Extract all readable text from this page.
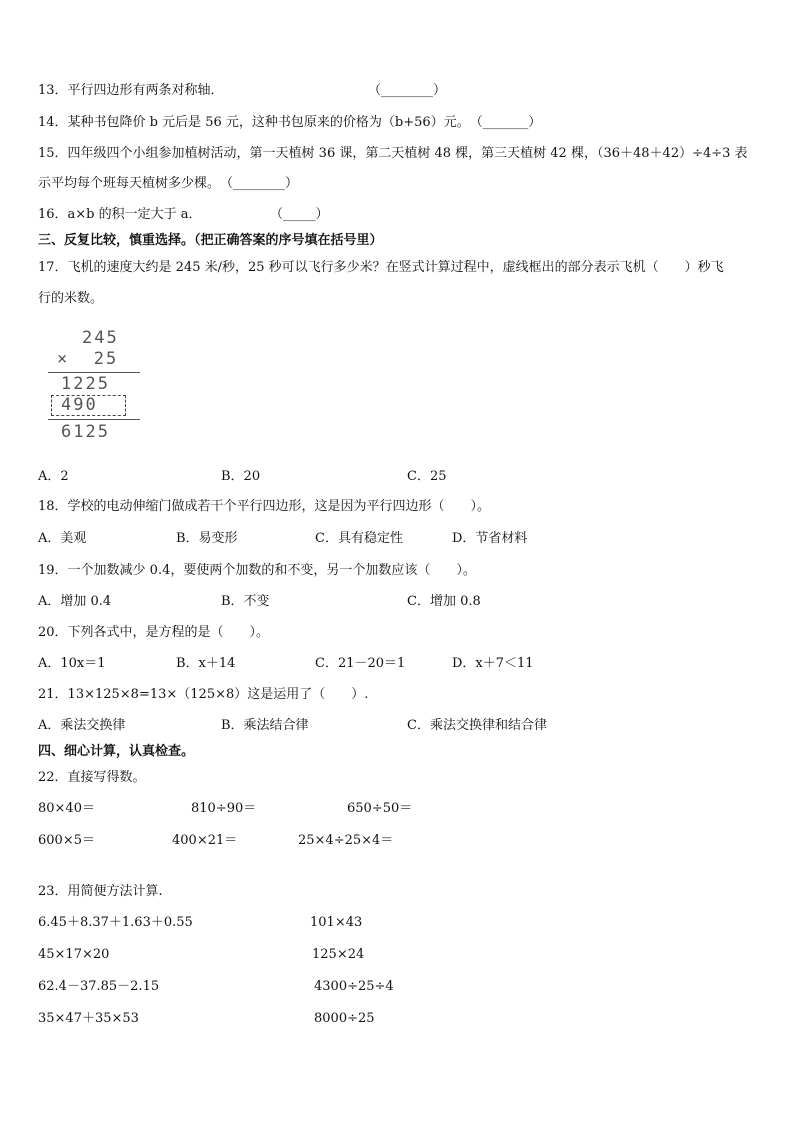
13．平行四边形有两条对称轴．	（________）
14．某种书包降价 b 元后是 56 元，这种书包原来的价格为（b+56）元。（_______）
15．四年级四个小组参加植树活动，第一天植树 36 课，第二天植树 48 棵，第三天植树 42 棵，（36＋48＋42）÷4÷3 表
示平均每个班每天植树多少棵。（________）
16．a×b 的积一定大于 a．	（_____）
三、反复比较，慎重选择。（把正确答案的序号填在括号里）
17．飞机的速度大约是 245 米/秒，25 秒可以飞行多少米？在竖式计算过程中，虚线框出的部分表示飞机（　　）秒飞
行的米数。
245
×  25
1225
490
6125
A．2	B．20	C．25
18．学校的电动伸缩门做成若干个平行四边形，这是因为平行四边形（　　）。
A．美观	B．易变形	C．具有稳定性	D．节省材料
19．一个加数减少 0.4，要使两个加数的和不变，另一个加数应该（　　）。
A．增加 0.4	B．不变	C．增加 0.8
20．下列各式中，是方程的是（　　）。
A．10x＝1	B．x＋14	C．21－20＝1	D．x＋7＜11
21．13×125×8=13×（125×8）这是运用了（　　）.
A．乘法交换律	B．乘法结合律	C．乘法交换律和结合律
四、细心计算，认真检查。
22．直接写得数。
80×40＝	810÷90＝	650÷50＝
600×5＝	400×21＝	25×4÷25×4＝
23．用简便方法计算.
6.45＋8.37＋1.63＋0.55	101×43
45×17×20	125×24
62.4－37.85－2.15	4300÷25÷4
35×47＋35×53	8000÷25
